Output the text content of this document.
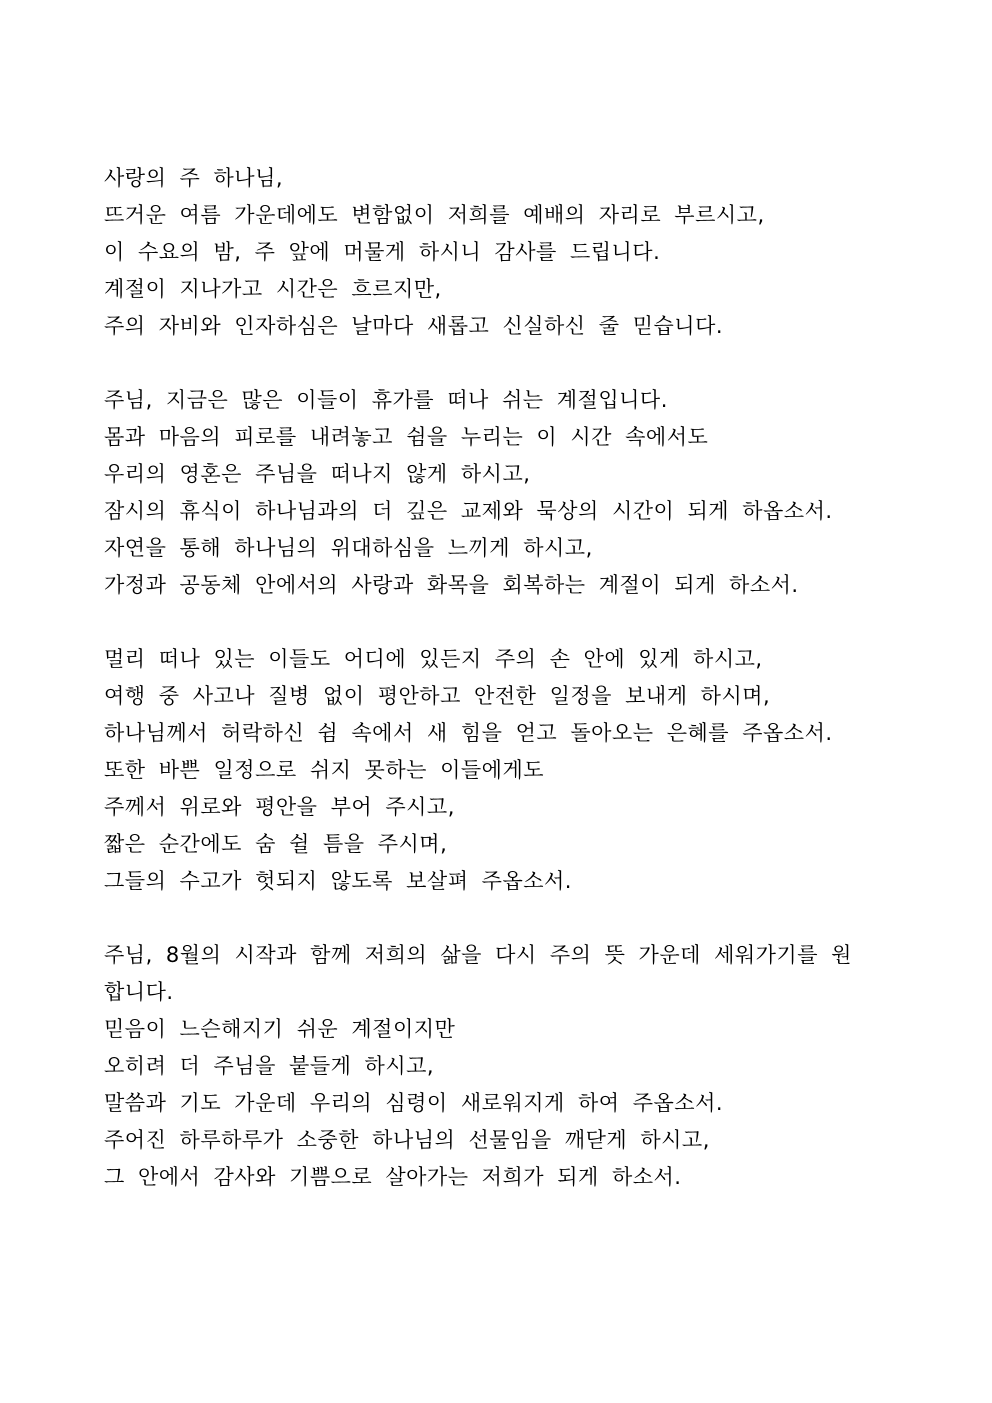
사랑의 주 하나님,
뜨거운 여름 가운데에도 변함없이 저희를 예배의 자리로 부르시고,
이 수요의 밤, 주 앞에 머물게 하시니 감사를 드립니다.
계절이 지나가고 시간은 흐르지만,
주의 자비와 인자하심은 날마다 새롭고 신실하신 줄 믿습니다.
주님, 지금은 많은 이들이 휴가를 떠나 쉬는 계절입니다.
몸과 마음의 피로를 내려놓고 쉼을 누리는 이 시간 속에서도
우리의 영혼은 주님을 떠나지 않게 하시고,
잠시의 휴식이 하나님과의 더 깊은 교제와 묵상의 시간이 되게 하옵소서.
자연을 통해 하나님의 위대하심을 느끼게 하시고,
가정과 공동체 안에서의 사랑과 화목을 회복하는 계절이 되게 하소서.
멀리 떠나 있는 이들도 어디에 있든지 주의 손 안에 있게 하시고,
여행 중 사고나 질병 없이 평안하고 안전한 일정을 보내게 하시며,
하나님께서 허락하신 쉼 속에서 새 힘을 얻고 돌아오는 은혜를 주옵소서.
또한 바쁜 일정으로 쉬지 못하는 이들에게도
주께서 위로와 평안을 부어 주시고,
짧은 순간에도 숨 쉴 틈을 주시며,
그들의 수고가 헛되지 않도록 보살펴 주옵소서.
주님, 8월의 시작과 함께 저희의 삶을 다시 주의 뜻 가운데 세워가기를 원
합니다.
믿음이 느슨해지기 쉬운 계절이지만
오히려 더 주님을 붙들게 하시고,
말씀과 기도 가운데 우리의 심령이 새로워지게 하여 주옵소서.
주어진 하루하루가 소중한 하나님의 선물임을 깨닫게 하시고,
그 안에서 감사와 기쁨으로 살아가는 저희가 되게 하소서.
